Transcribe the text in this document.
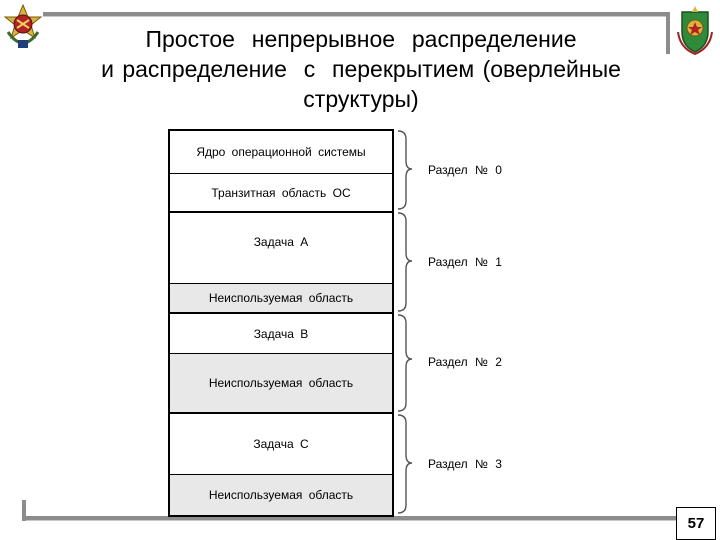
Простое  непрерывное  распределение
и распределение  с  перекрытием (оверлейные
структуры)
Ядро операционной системы
Транзитная область ОС
Задача А
Неиспользуемая область
Задача В
Неиспользуемая область
Задача С
Неиспользуемая область
Раздел № 0
Раздел № 1
Раздел № 2
Раздел № 3
57
